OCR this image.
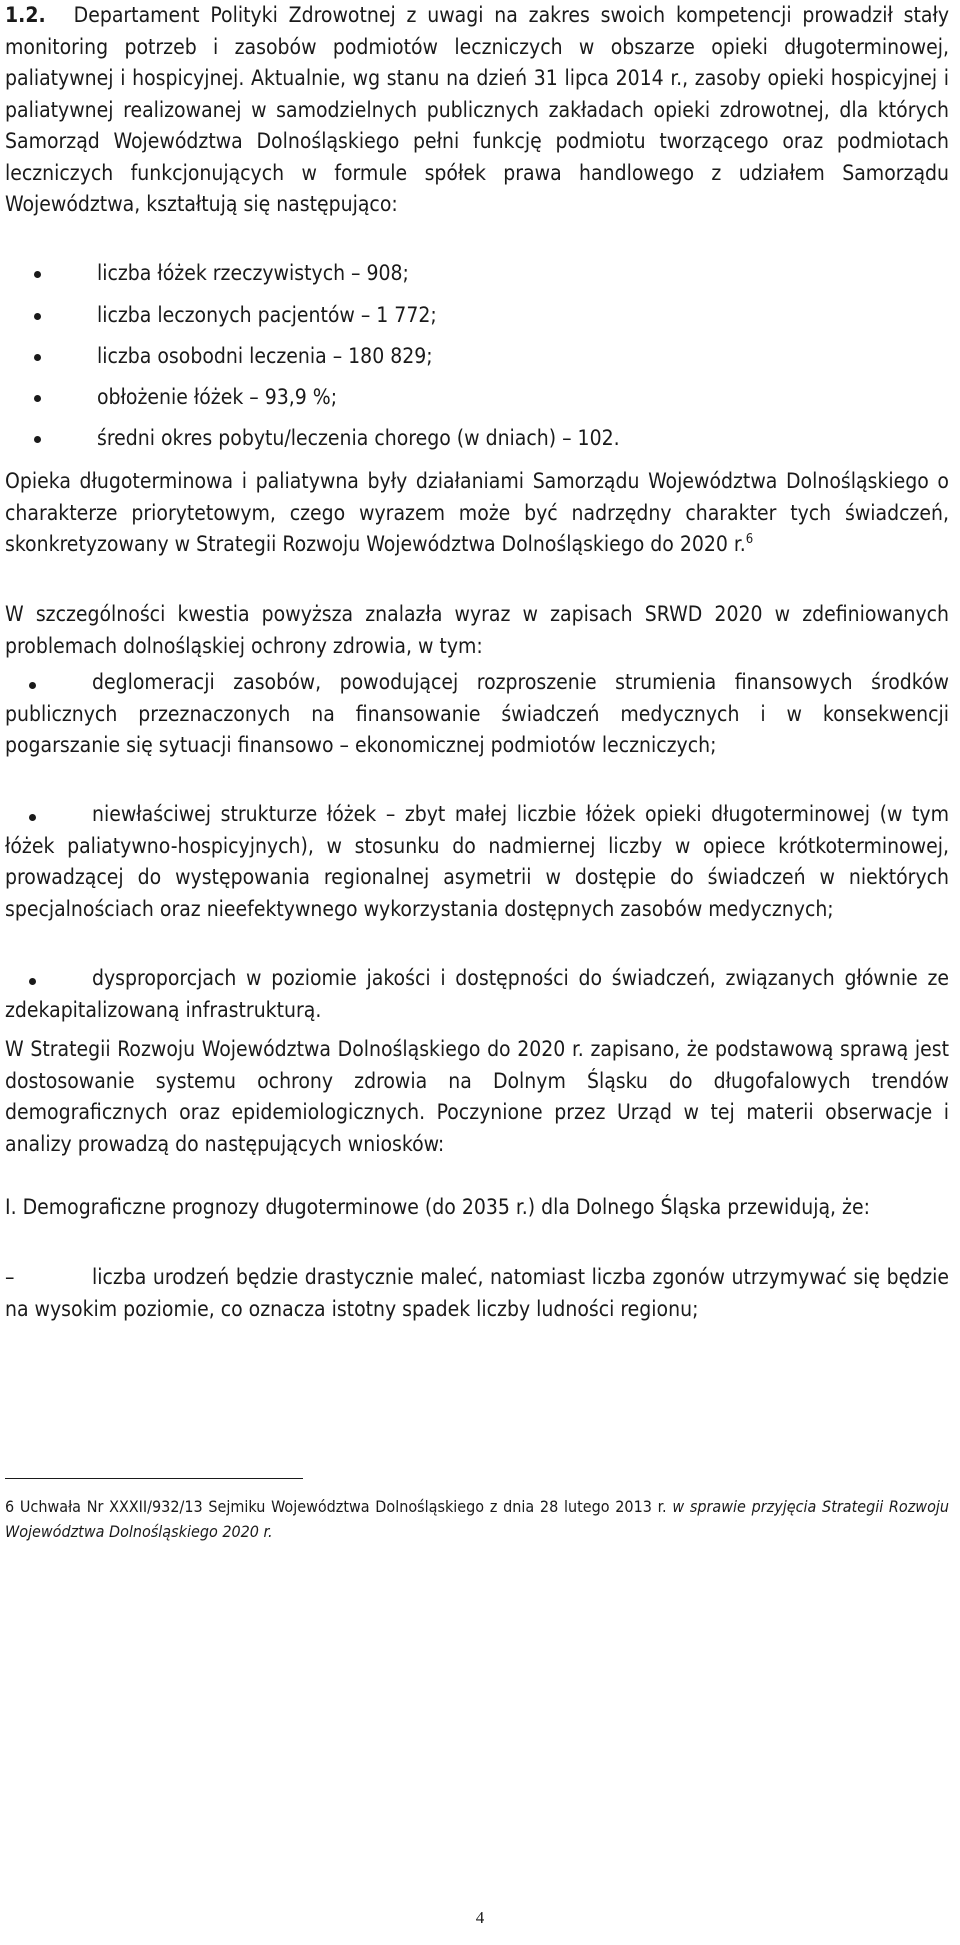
1.2. Departament Polityki Zdrowotnej z uwagi na zakres swoich kompetencji prowadził stały monitoring potrzeb i zasobów podmiotów leczniczych w obszarze opieki długoterminowej, paliatywnej i hospicyjnej. Aktualnie, wg stanu na dzień 31 lipca 2014 r., zasoby opieki hospicyjnej i paliatywnej realizowanej w samodzielnych publicznych zakładach opieki zdrowotnej, dla których Samorząd Województwa Dolnośląskiego pełni funkcję podmiotu tworzącego oraz podmiotach leczniczych funkcjonujących w formule spółek prawa handlowego z udziałem Samorządu Województwa, kształtują się następująco:
liczba łóżek rzeczywistych – 908;
liczba leczonych pacjentów – 1 772;
liczba osobodni leczenia – 180 829;
obłożenie łóżek – 93,9 %;
średni okres pobytu/leczenia chorego (w dniach) – 102.
Opieka długoterminowa i paliatywna były działaniami Samorządu Województwa Dolnośląskiego o charakterze priorytetowym, czego wyrazem może być nadrzędny charakter tych świadczeń, skonkretyzowany w Strategii Rozwoju Województwa Dolnośląskiego do 2020 r.$^6$
W szczególności kwestia powyższa znalazła wyraz w zapisach SRWD 2020 w zdefiniowanych problemach dolnośląskiej ochrony zdrowia, w tym:
deglomeracji zasobów, powodującej rozproszenie strumienia finansowych środków publicznych przeznaczonych na finansowanie świadczeń medycznych i w konsekwencji pogarszanie się sytuacji finansowo – ekonomicznej podmiotów leczniczych;
niewłaściwej strukturze łóżek – zbyt małej liczbie łóżek opieki długoterminowej (w tym łóżek paliatywno-hospicyjnych), w stosunku do nadmiernej liczby w opiece krótkoterminowej, prowadzącej do występowania regionalnej asymetrii w dostępie do świadczeń w niektórych specjalnościach oraz nieefektywnego wykorzystania dostępnych zasobów medycznych;
dysproporcjach w poziomie jakości i dostępności do świadczeń, związanych głównie ze zdekapitalizowaną infrastrukturą.
W Strategii Rozwoju Województwa Dolnośląskiego do 2020 r. zapisano, że podstawową sprawą jest dostosowanie systemu ochrony zdrowia na Dolnym Śląsku do długofalowych trendów demograficznych oraz epidemiologicznych. Poczynione przez Urząd w tej materii obserwacje i analizy prowadzą do następujących wniosków:
I. Demograficzne prognozy długoterminowe (do 2035 r.) dla Dolnego Śląska przewidują, że:
–	liczba urodzeń będzie drastycznie maleć, natomiast liczba zgonów utrzymywać się będzie na wysokim poziomie, co oznacza istotny spadek liczby ludności regionu;
6 Uchwała Nr XXXII/932/13 Sejmiku Województwa Dolnośląskiego z dnia 28 lutego 2013 r. w sprawie przyjęcia Strategii Rozwoju Województwa Dolnośląskiego 2020 r.
4
